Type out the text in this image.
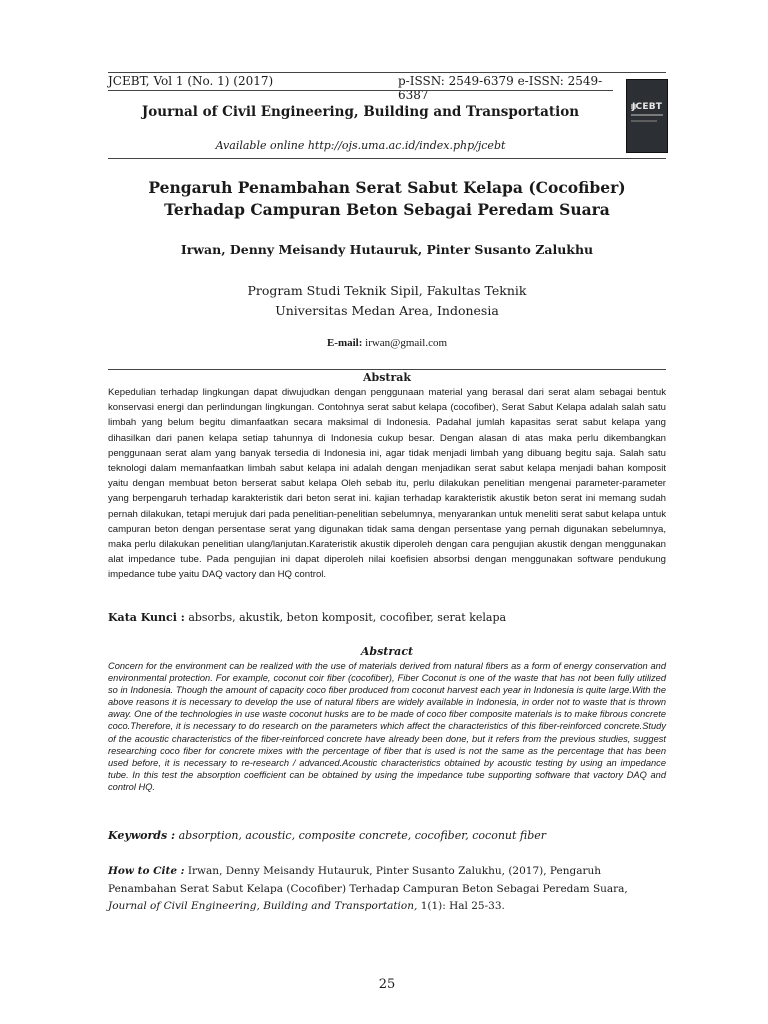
JCEBT, Vol 1 (No. 1) (2017)	p-ISSN: 2549-6379 e-ISSN: 2549-6387
JCEBT
Journal of Civil Engineering, Building and Transportation
Available online http://ojs.uma.ac.id/index.php/jcebt
Pengaruh Penambahan Serat Sabut Kelapa (Cocofiber) Terhadap Campuran Beton Sebagai Peredam Suara
Irwan, Denny Meisandy Hutauruk, Pinter Susanto Zalukhu
Program Studi Teknik Sipil, Fakultas Teknik
Universitas Medan Area, Indonesia
E-mail: irwan@gmail.com
Abstrak
Kepedulian terhadap lingkungan dapat diwujudkan dengan penggunaan material yang berasal dari serat alam sebagai bentuk konservasi energi dan perlindungan lingkungan. Contohnya serat sabut kelapa (cocofiber), Serat Sabut Kelapa adalah salah satu limbah yang belum begitu dimanfaatkan secara maksimal di Indonesia. Padahal jumlah kapasitas serat sabut kelapa yang dihasilkan dari panen kelapa setiap tahunnya di Indonesia cukup besar. Dengan alasan di atas maka perlu dikembangkan penggunaan serat alam yang banyak tersedia di Indonesia ini, agar tidak menjadi limbah yang dibuang begitu saja. Salah satu teknologi dalam memanfaatkan limbah sabut kelapa ini adalah dengan menjadikan serat sabut kelapa menjadi bahan komposit yaitu dengan membuat beton berserat sabut kelapa Oleh sebab itu, perlu dilakukan penelitian mengenai parameter-parameter yang berpengaruh terhadap karakteristik dari beton serat ini. kajian terhadap karakteristik akustik beton serat ini memang sudah pernah dilakukan, tetapi merujuk dari pada penelitian-penelitian sebelumnya, menyarankan untuk meneliti serat sabut kelapa untuk campuran beton dengan persentase serat yang digunakan tidak sama dengan persentase yang pernah digunakan sebelumnya, maka perlu dilakukan penelitian ulang/lanjutan.Karateristik akustik diperoleh dengan cara pengujian akustik dengan menggunakan alat impedance tube. Pada pengujian ini dapat diperoleh nilai koefisien absorbsi dengan menggunakan software pendukung impedance tube yaitu DAQ vactory dan HQ control.
Kata Kunci : absorbs, akustik, beton komposit, cocofiber, serat kelapa
Abstract
Concern for the environment can be realized with the use of materials derived from natural fibers as a form of energy conservation and environmental protection. For example, coconut coir fiber (cocofiber), Fiber Coconut is one of the waste that has not been fully utilized so in Indonesia. Though the amount of capacity coco fiber produced from coconut harvest each year in Indonesia is quite large.With the above reasons it is necessary to develop the use of natural fibers are widely available in Indonesia, in order not to waste that is thrown away. One of the technologies in use waste coconut husks are to be made of coco fiber composite materials is to make fibrous concrete coco.Therefore, it is necessary to do research on the parameters which affect the characteristics of this fiber-reinforced concrete.Study of the acoustic characteristics of the fiber-reinforced concrete have already been done, but it refers from the previous studies, suggest researching coco fiber for concrete mixes with the percentage of fiber that is used is not the same as the percentage that has been used before, it is necessary to re-research / advanced.Acoustic characteristics obtained by acoustic testing by using an impedance tube. In this test the absorption coefficient can be obtained by using the impedance tube supporting software that vactory DAQ and control HQ.
Keywords : absorption, acoustic, composite concrete, cocofiber, coconut fiber
How to Cite : Irwan, Denny Meisandy Hutauruk, Pinter Susanto Zalukhu, (2017), Pengaruh Penambahan Serat Sabut Kelapa (Cocofiber) Terhadap Campuran Beton Sebagai Peredam Suara, Journal of Civil Engineering, Building and Transportation, 1(1): Hal 25-33.
25
